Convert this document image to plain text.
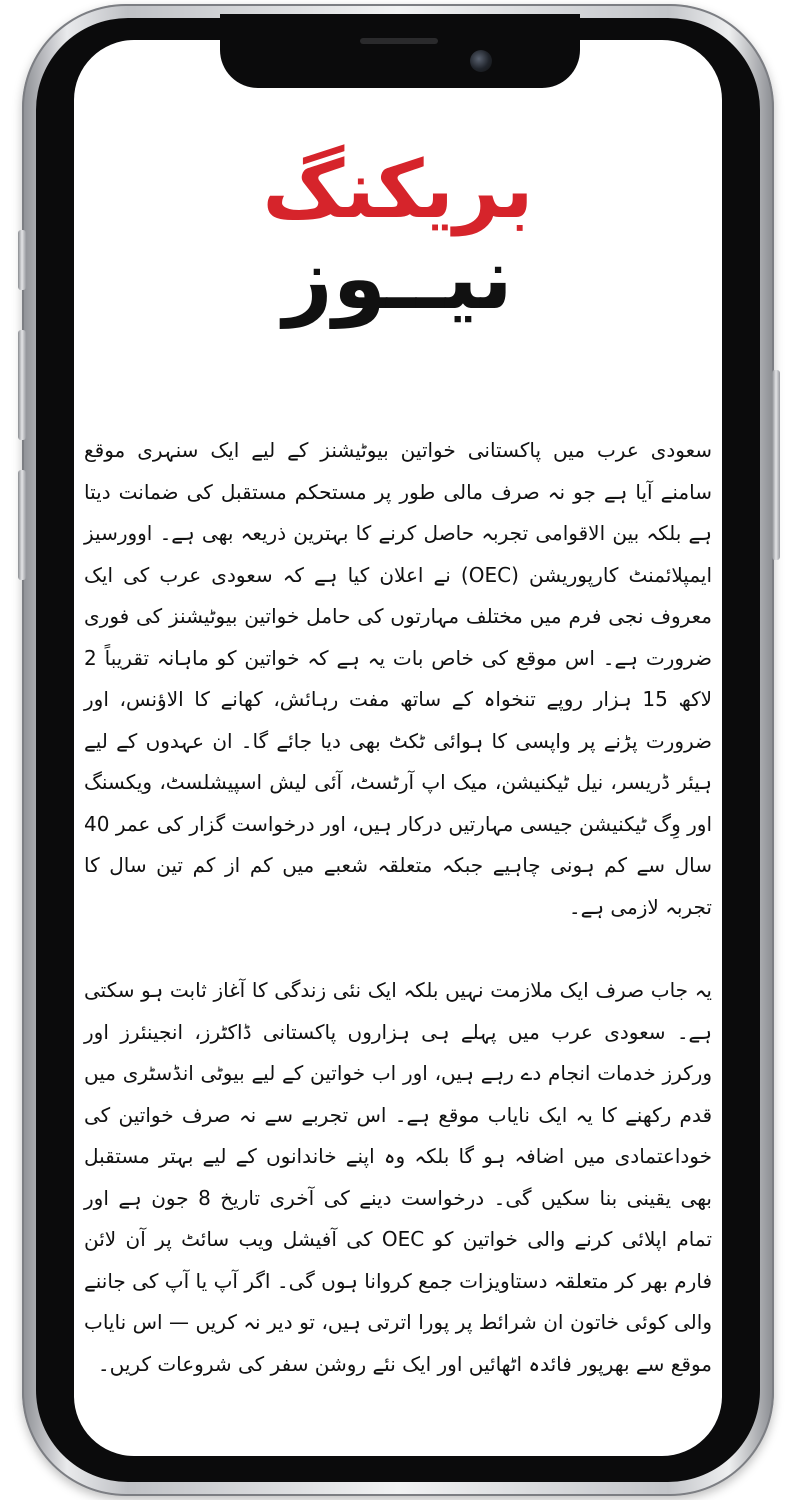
بریکنگ
نیــوز

سعودی عرب میں پاکستانی خواتین بیوٹیشنز کے لیے ایک سنہری موقع سامنے آیا ہے جو نہ صرف مالی طور پر مستحکم مستقبل کی ضمانت دیتا ہے بلکہ بین الاقوامی تجربہ حاصل کرنے کا بہترین ذریعہ بھی ہے۔ اوورسیز ایمپلائمنٹ کارپوریشن (OEC) نے اعلان کیا ہے کہ سعودی عرب کی ایک معروف نجی فرم میں مختلف مہارتوں کی حامل خواتین بیوٹیشنز کی فوری ضرورت ہے۔ اس موقع کی خاص بات یہ ہے کہ خواتین کو ماہانہ تقریباً 2 لاکھ 15 ہزار روپے تنخواہ کے ساتھ مفت رہائش، کھانے کا الاؤنس، اور ضرورت پڑنے پر واپسی کا ہوائی ٹکٹ بھی دیا جائے گا۔ ان عہدوں کے لیے ہیئر ڈریسر، نیل ٹیکنیشن، میک اپ آرٹسٹ، آئی لیش اسپیشلسٹ، ویکسنگ اور وِگ ٹیکنیشن جیسی مہارتیں درکار ہیں، اور درخواست گزار کی عمر 40 سال سے کم ہونی چاہیے جبکہ متعلقہ شعبے میں کم از کم تین سال کا تجربہ لازمی ہے۔

یہ جاب صرف ایک ملازمت نہیں بلکہ ایک نئی زندگی کا آغاز ثابت ہو سکتی ہے۔ سعودی عرب میں پہلے ہی ہزاروں پاکستانی ڈاکٹرز، انجینئرز اور ورکرز خدمات انجام دے رہے ہیں، اور اب خواتین کے لیے بیوٹی انڈسٹری میں قدم رکھنے کا یہ ایک نایاب موقع ہے۔ اس تجربے سے نہ صرف خواتین کی خوداعتمادی میں اضافہ ہو گا بلکہ وہ اپنے خاندانوں کے لیے بہتر مستقبل بھی یقینی بنا سکیں گی۔ درخواست دینے کی آخری تاریخ 8 جون ہے اور تمام اپلائی کرنے والی خواتین کو OEC کی آفیشل ویب سائٹ پر آن لائن فارم بھر کر متعلقہ دستاویزات جمع کروانا ہوں گی۔ اگر آپ یا آپ کی جاننے والی کوئی خاتون ان شرائط پر پورا اترتی ہیں، تو دیر نہ کریں — اس نایاب موقع سے بھرپور فائدہ اٹھائیں اور ایک نئے روشن سفر کی شروعات کریں۔
